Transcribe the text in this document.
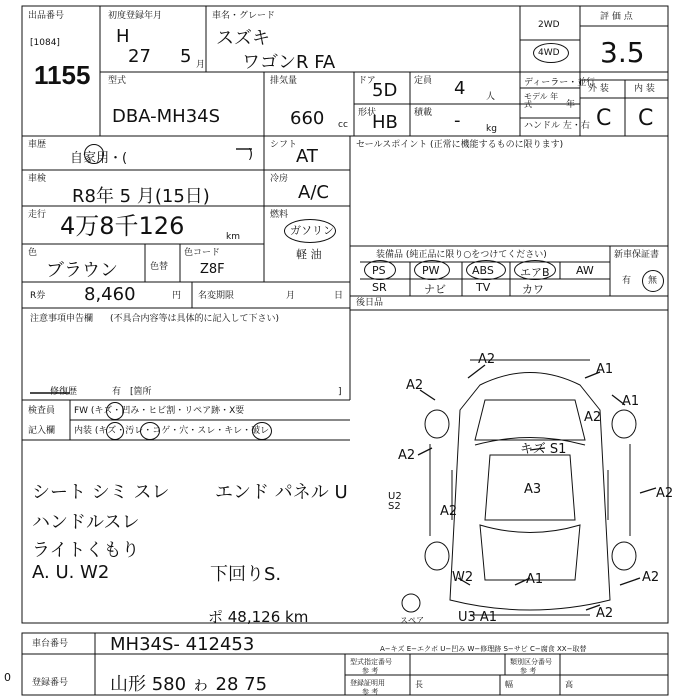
出品番号
[1084]
1155
初度登録年月
H
27 5 月
車名・グレード
スズキ
ワゴンR FA
2WD
4WD
評 価 点
3.5
型式
DBA-MH34S
排気量
660 cc
ドア
5D 定員 4 人
形状
HB 積載 -	kg
ディーラー・並行
モデル 年式	年
ハンドル 左・右
外 装	内 装
C C
車歴
自家用・(	)
車検
R8年 5 月(15日)
走行 4万8千126	km
色
ブラウン	色替
色コード
Z8F
R券 8,460	円 名変期限	月	日
注意事項申告欄 (不具合内容等は具体的に記入して下さい)
修復歴	有 [箇所	]
検査員
記入欄
FW (キズ・凹み・ヒビ割・リペア跡・X要
内装 (キズ・汚レ・コゲ・穴・スレ・キレ・破レ
シート シミ スレ	エンド パネル U
ハンドルスレ
ライトくもり
A. U. W2	下回りS.
ポ 48,126 km
シフト
AT
冷房
A/C
燃料
ガソリン
軽 油
セールスポイント (正常に機能するものに限ります)
装備品 (純正品に限り○をつけてください)	新車保証書
有 無
PS	PW	ABS エアB AW
SR	ナビ	TV	カワ
後日品
A2
A1
A2
A1
A2	キズ S1
A2
A3
A2
U2 S2
W2	A1
U3 A1
A2
A2
A2
スペア
A−キズ E−エクボ U−凹み W−修理跡 S−サビ C−腐食 XX−取替
車台番号 MH34S- 412453
登録番号 山形 580 ゎ 28 75
型式指定番号
参 考
類別区分番号
参 考
登録証明用
参 考
長	幅	高
0
